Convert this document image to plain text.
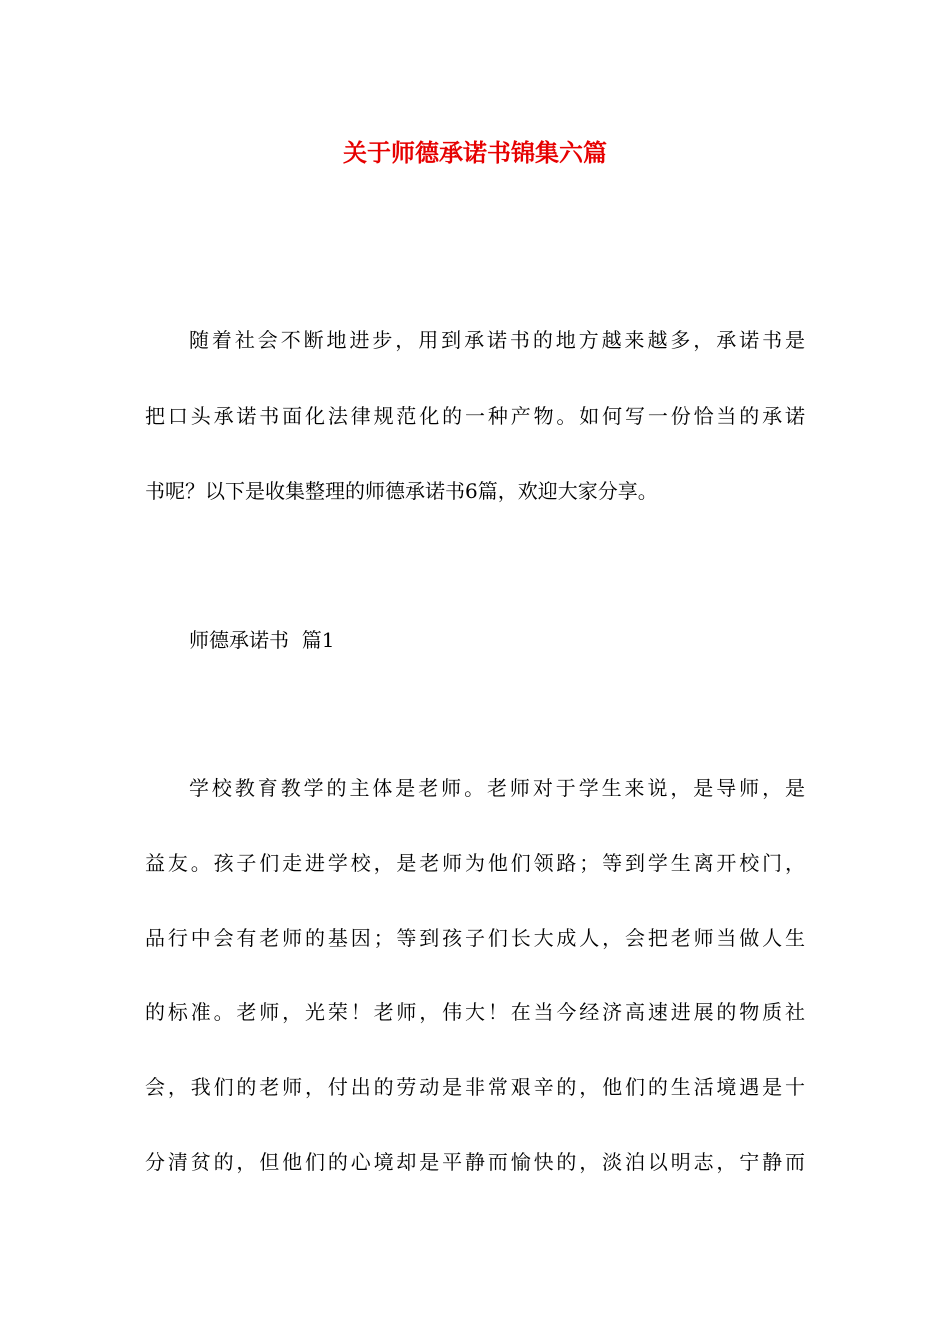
关于师德承诺书锦集六篇
随着社会不断地进步，用到承诺书的地方越来越多，承诺书是
把口头承诺书面化法律规范化的一种产物。如何写一份恰当的承诺
书呢？以下是收集整理的师德承诺书6篇，欢迎大家分享。
师德承诺书  篇1
学校教育教学的主体是老师。老师对于学生来说，是导师，是
益友。孩子们走进学校，是老师为他们领路；等到学生离开校门，
品行中会有老师的基因；等到孩子们长大成人，会把老师当做人生
的标准。老师，光荣！老师，伟大！在当今经济高速进展的物质社
会，我们的老师，付出的劳动是非常艰辛的，他们的生活境遇是十
分清贫的，但他们的心境却是平静而愉快的，淡泊以明志，宁静而
